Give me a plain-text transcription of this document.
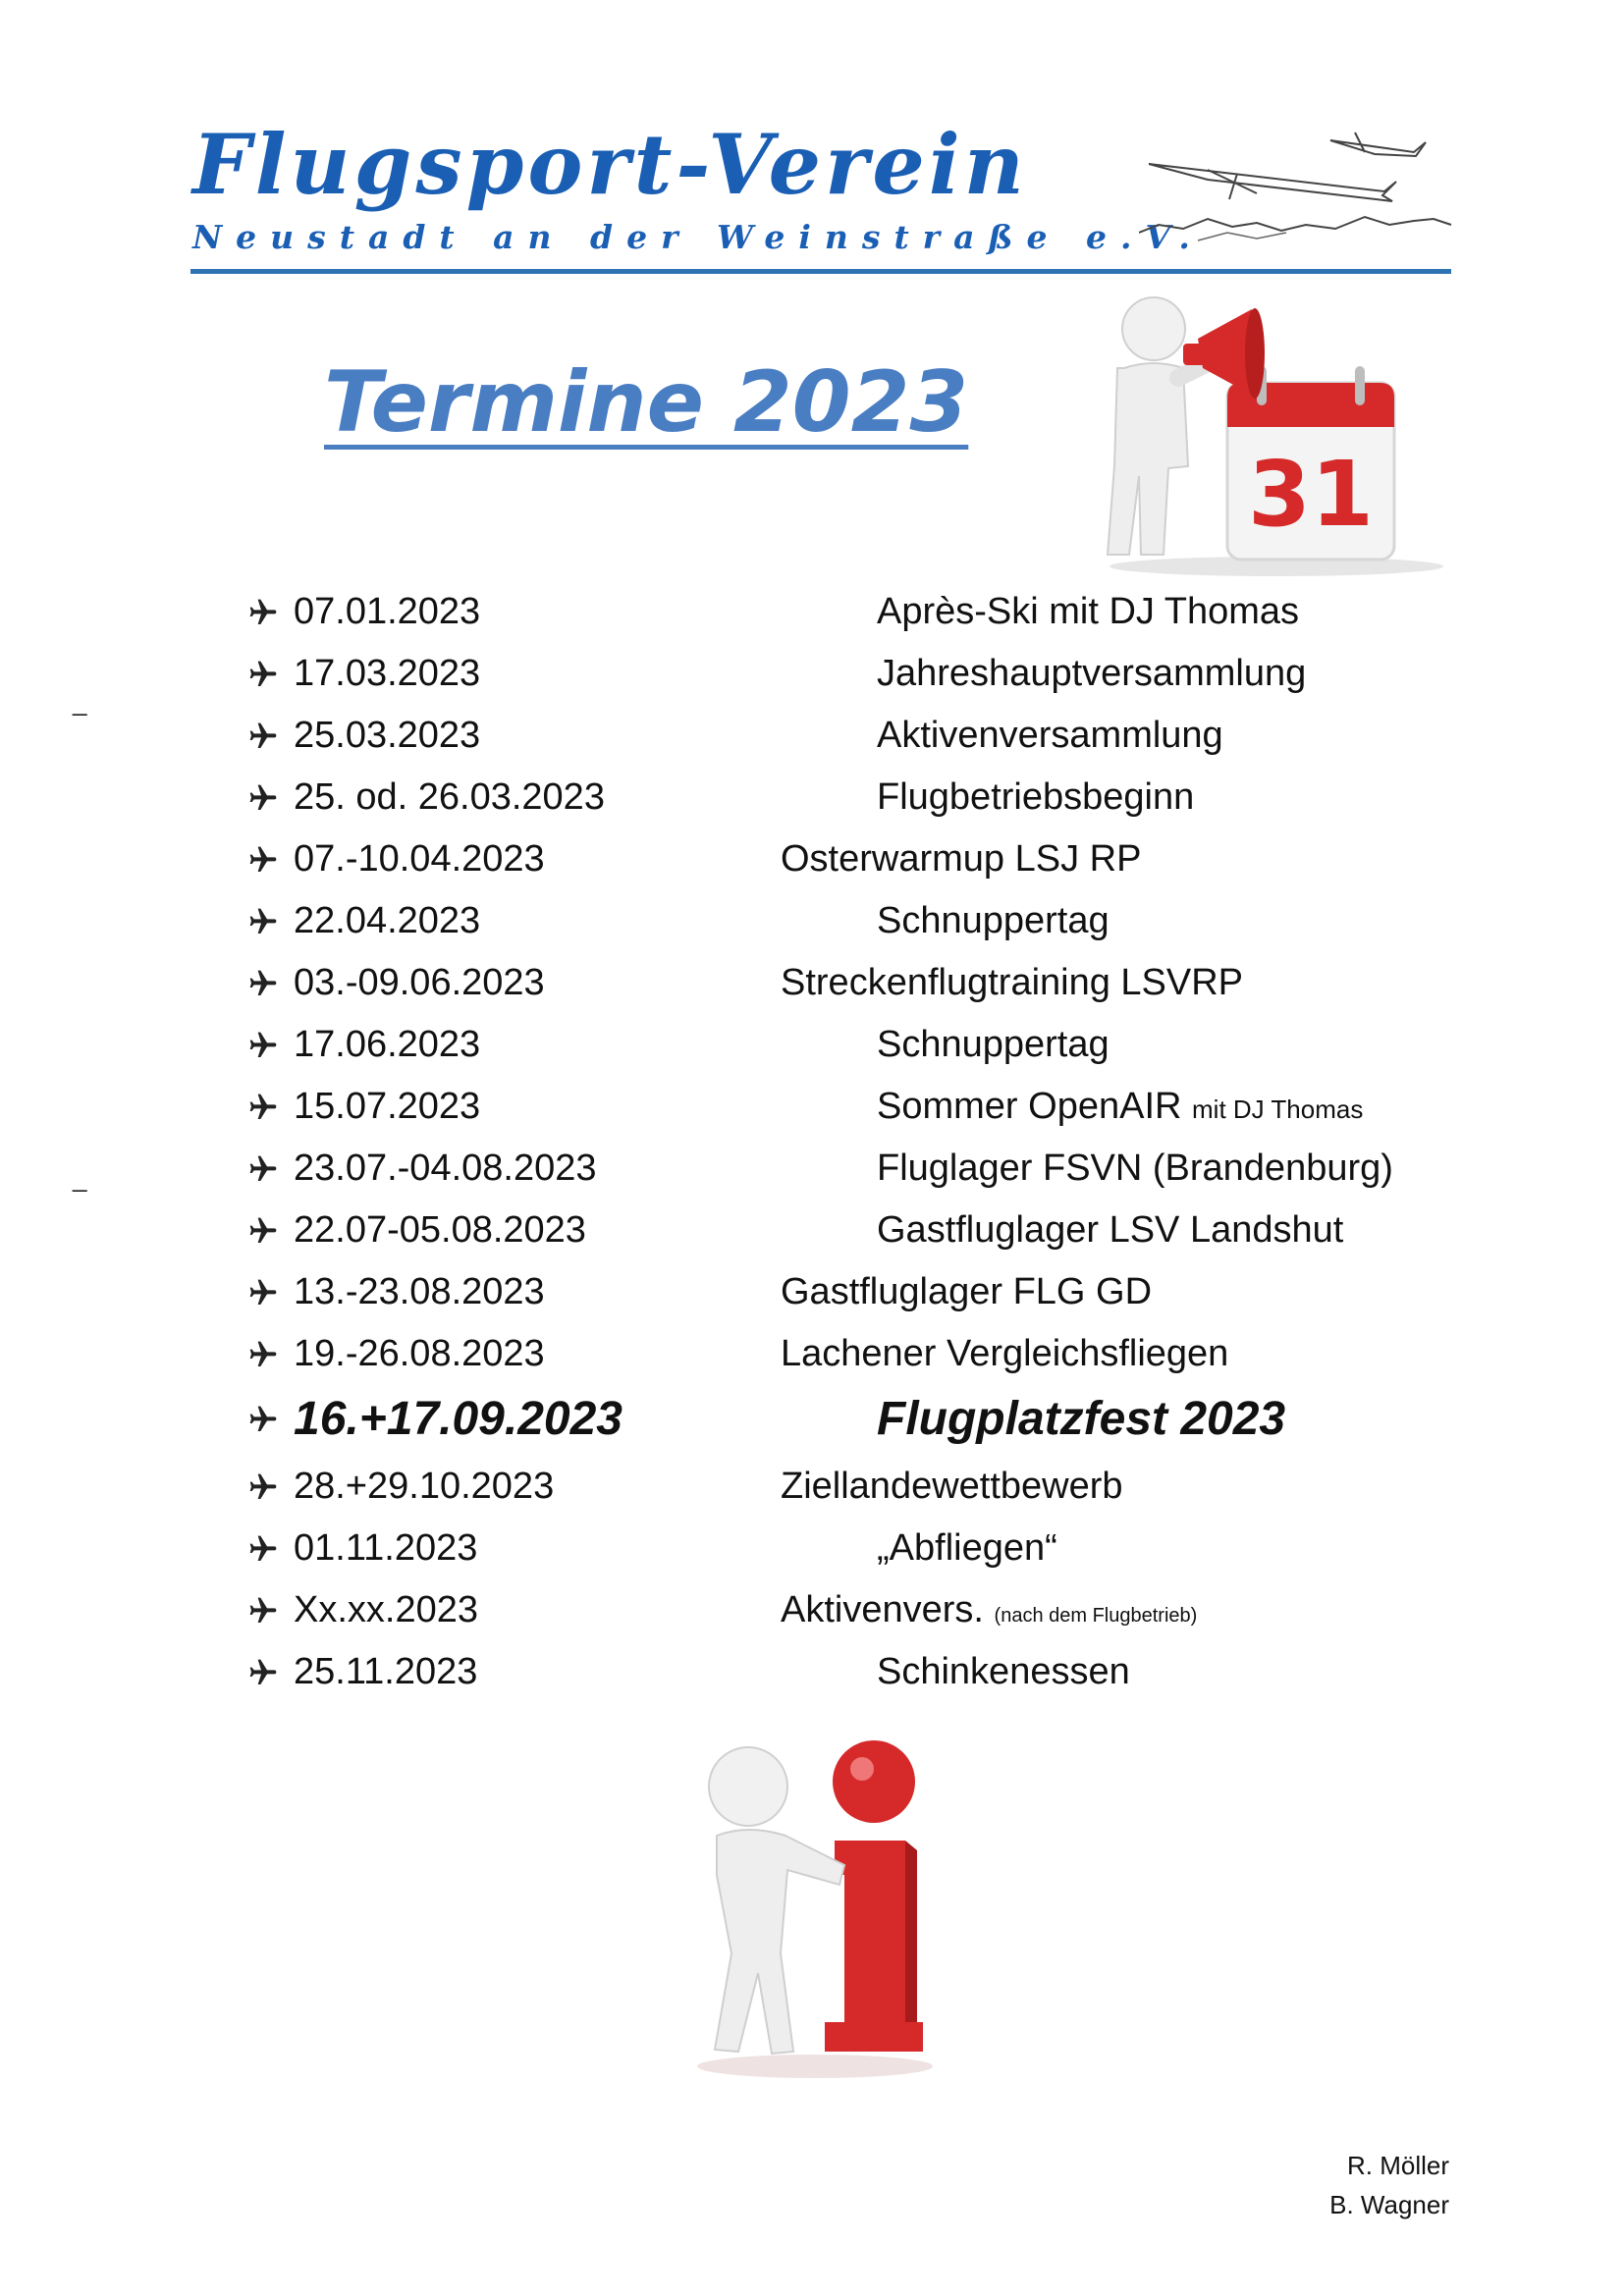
Flugsport-Verein
Neustadt an der Weinstraße e.V.
Termine 2023
31
_
_
07.01.2023	Après-Ski mit DJ Thomas
17.03.2023	Jahreshauptversammlung
25.03.2023	Aktivenversammlung
25. od. 26.03.2023	Flugbetriebsbeginn
07.-10.04.2023	Osterwarmup LSJ RP
22.04.2023	Schnuppertag
03.-09.06.2023	Streckenflugtraining LSVRP
17.06.2023	Schnuppertag
15.07.2023	Sommer OpenAIR mit DJ Thomas
23.07.-04.08.2023	Fluglager FSVN (Brandenburg)
22.07-05.08.2023	Gastfluglager LSV Landshut
13.-23.08.2023	Gastfluglager FLG GD
19.-26.08.2023	Lachener Vergleichsfliegen
16.+17.09.2023	Flugplatzfest 2023
28.+29.10.2023	Ziellandewettbewerb
01.11.2023	„Abfliegen“
Xx.xx.2023	Aktivenvers. (nach dem Flugbetrieb)
25.11.2023	Schinkenessen
R. Möller
B. Wagner
